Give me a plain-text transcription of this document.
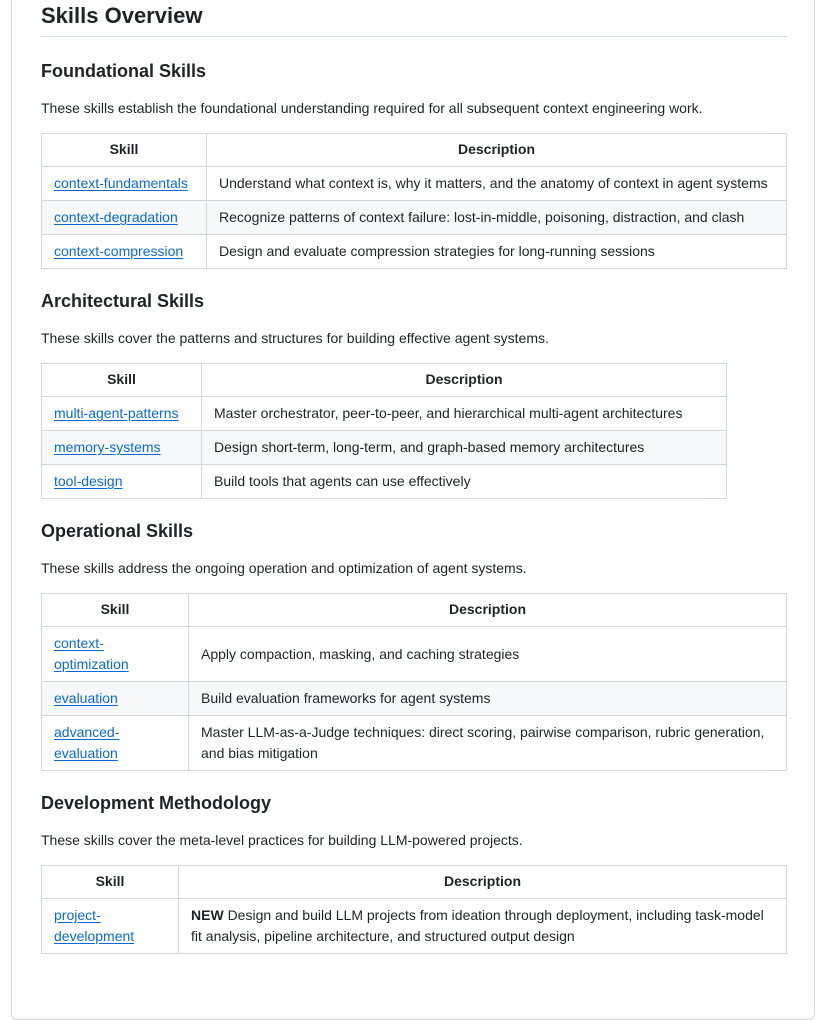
Skills Overview
Foundational Skills

These skills establish the foundational understanding required for all subsequent context engineering work.

Skill	Description
context-fundamentals	Understand what context is, why it matters, and the anatomy of context in agent systems
context-degradation	Recognize patterns of context failure: lost-in-middle, poisoning, distraction, and clash
context-compression	Design and evaluate compression strategies for long-running sessions
Architectural Skills

These skills cover the patterns and structures for building effective agent systems.

Skill	Description
multi-agent-patterns	Master orchestrator, peer-to-peer, and hierarchical multi-agent architectures
memory-systems	Design short-term, long-term, and graph-based memory architectures
tool-design	Build tools that agents can use effectively
Operational Skills

These skills address the ongoing operation and optimization of agent systems.

Skill	Description
context-optimization	Apply compaction, masking, and caching strategies
evaluation	Build evaluation frameworks for agent systems
advanced-evaluation	Master LLM-as-a-Judge techniques: direct scoring, pairwise comparison, rubric generation, and bias mitigation
Development Methodology

These skills cover the meta-level practices for building LLM-powered projects.

Skill	Description
project-development	NEW Design and build LLM projects from ideation through deployment, including task-model fit analysis, pipeline architecture, and structured output design
